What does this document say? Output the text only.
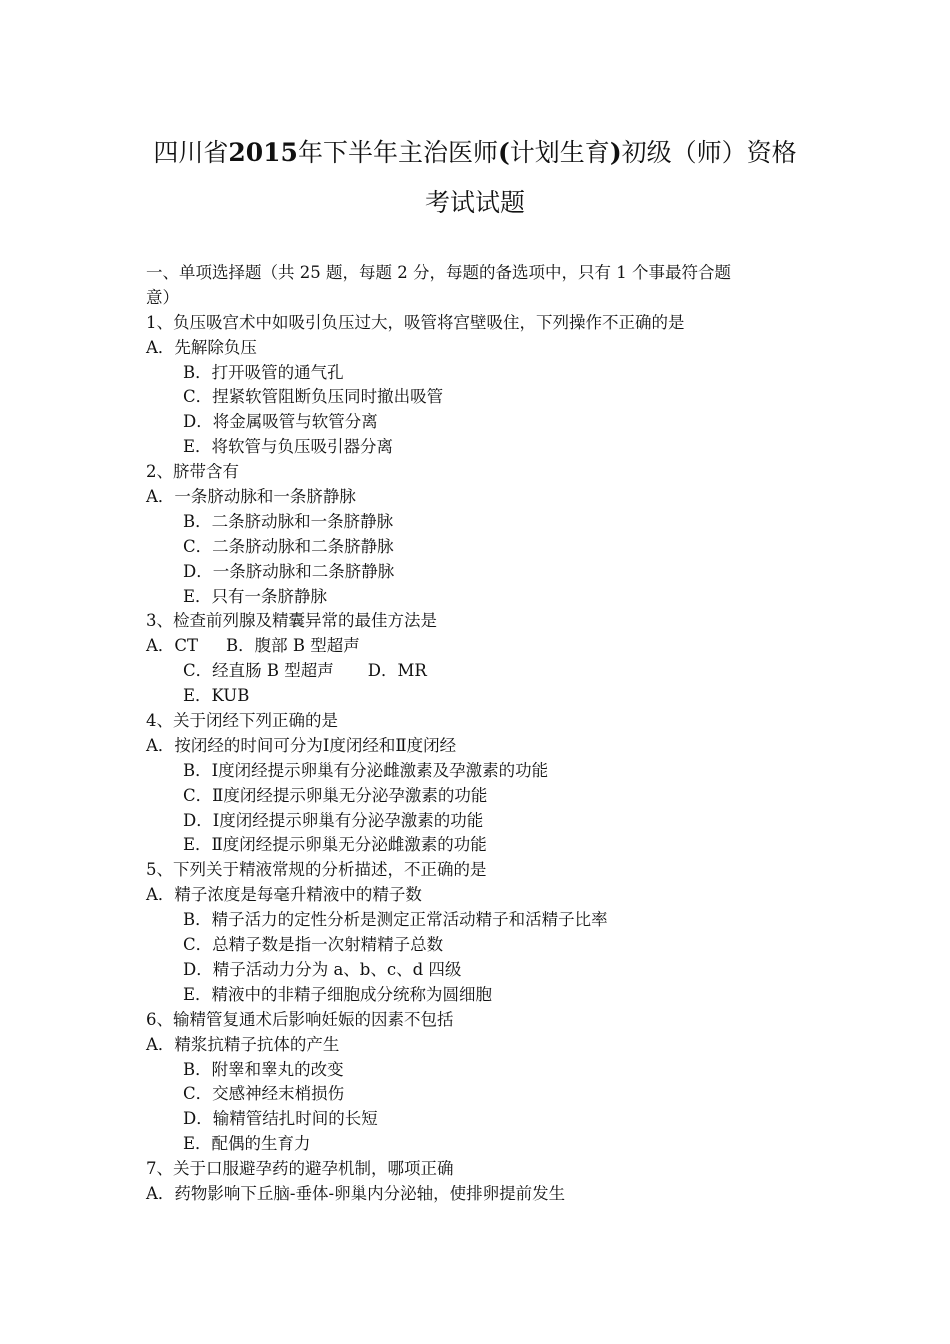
四川省2015年下半年主治医师(计划生育)初级（师）资格
考试试题
一、单项选择题（共 25 题，每题 2 分，每题的备选项中，只有 1 个事最符合题
意）
1、负压吸宫术中如吸引负压过大，吸管将宫壁吸住，下列操作不正确的是
A．先解除负压
B．打开吸管的通气孔
C．捏紧软管阻断负压同时撤出吸管
D．将金属吸管与软管分离
E．将软管与负压吸引器分离
2、脐带含有
A．一条脐动脉和一条脐静脉
B．二条脐动脉和一条脐静脉
C．二条脐动脉和二条脐静脉
D．一条脐动脉和二条脐静脉
E．只有一条脐静脉
3、检查前列腺及精囊异常的最佳方法是
A．CT B．腹部 B 型超声
C．经直肠 B 型超声 D．MR
E．KUB
4、关于闭经下列正确的是
A．按闭经的时间可分为Ⅰ度闭经和Ⅱ度闭经
B．Ⅰ度闭经提示卵巢有分泌雌激素及孕激素的功能
C．Ⅱ度闭经提示卵巢无分泌孕激素的功能
D．Ⅰ度闭经提示卵巢有分泌孕激素的功能
E．Ⅱ度闭经提示卵巢无分泌雌激素的功能
5、下列关于精液常规的分析描述，不正确的是
A．精子浓度是每毫升精液中的精子数
B．精子活力的定性分析是测定正常活动精子和活精子比率
C．总精子数是指一次射精精子总数
D．精子活动力分为 a、b、c、d 四级
E．精液中的非精子细胞成分统称为圆细胞
6、输精管复通术后影响妊娠的因素不包括
A．精浆抗精子抗体的产生
B．附睾和睾丸的改变
C．交感神经末梢损伤
D．输精管结扎时间的长短
E．配偶的生育力
7、关于口服避孕药的避孕机制，哪项正确
A．药物影响下丘脑-垂体-卵巢内分泌轴，使排卵提前发生
